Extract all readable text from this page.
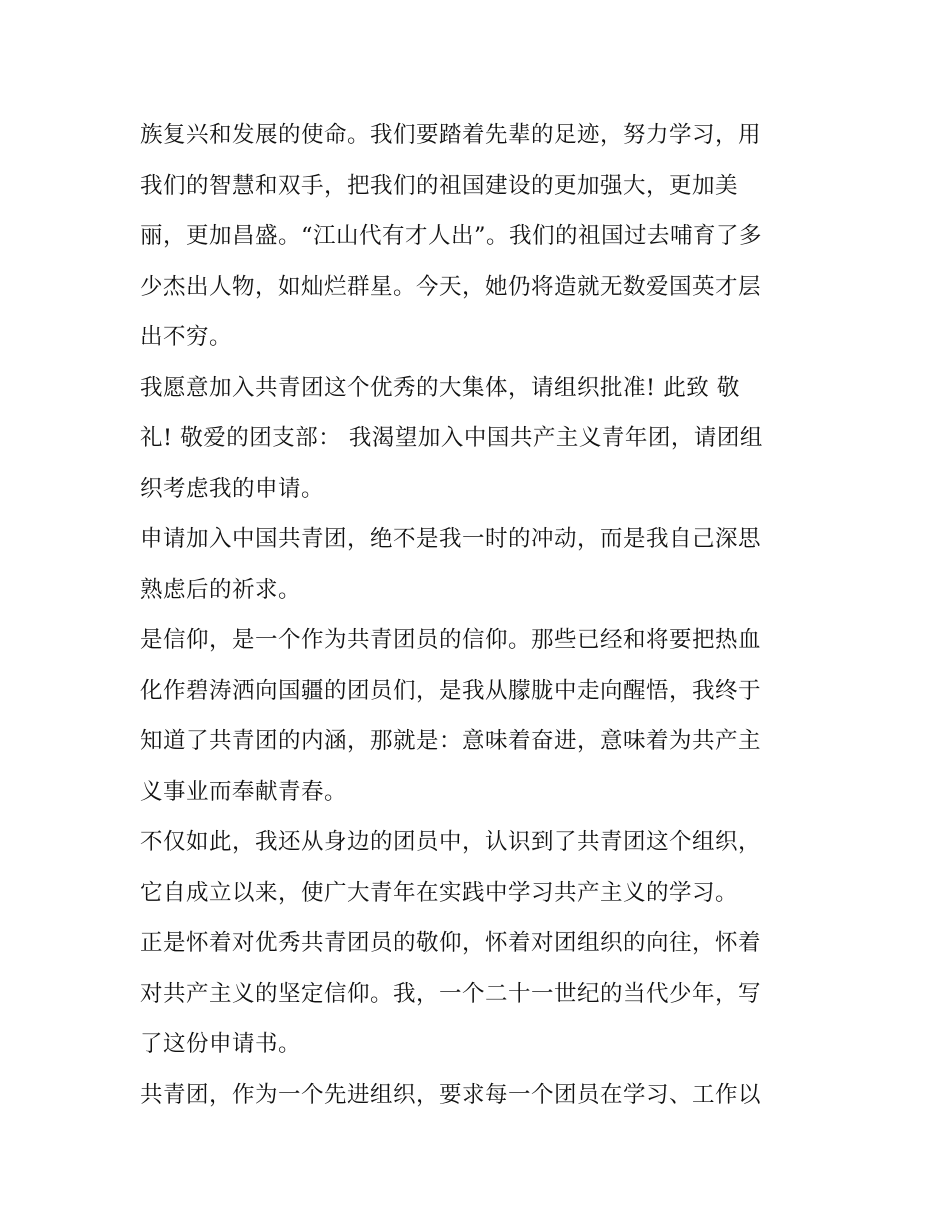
族复兴和发展的使命。我们要踏着先辈的足迹，努力学习，用
我们的智慧和双手，把我们的祖国建设的更加强大，更加美
丽，更加昌盛。“江山代有才人出”。我们的祖国过去哺育了多
少杰出人物，如灿烂群星。今天，她仍将造就无数爱国英才层
出不穷。

我愿意加入共青团这个优秀的大集体，请组织批准! 此致 敬
礼! 敬爱的团支部： 我渴望加入中国共产主义青年团，请团组
织考虑我的申请。

申请加入中国共青团，绝不是我一时的冲动，而是我自己深思
熟虑后的祈求。

是信仰，是一个作为共青团员的信仰。那些已经和将要把热血
化作碧涛洒向国疆的团员们，是我从朦胧中走向醒悟，我终于
知道了共青团的内涵，那就是：意味着奋进，意味着为共产主
义事业而奉献青春。

不仅如此，我还从身边的团员中，认识到了共青团这个组织，
它自成立以来，使广大青年在实践中学习共产主义的学习。

正是怀着对优秀共青团员的敬仰，怀着对团组织的向往，怀着
对共产主义的坚定信仰。我，一个二十一世纪的当代少年，写
了这份申请书。

共青团，作为一个先进组织，要求每一个团员在学习、工作以
